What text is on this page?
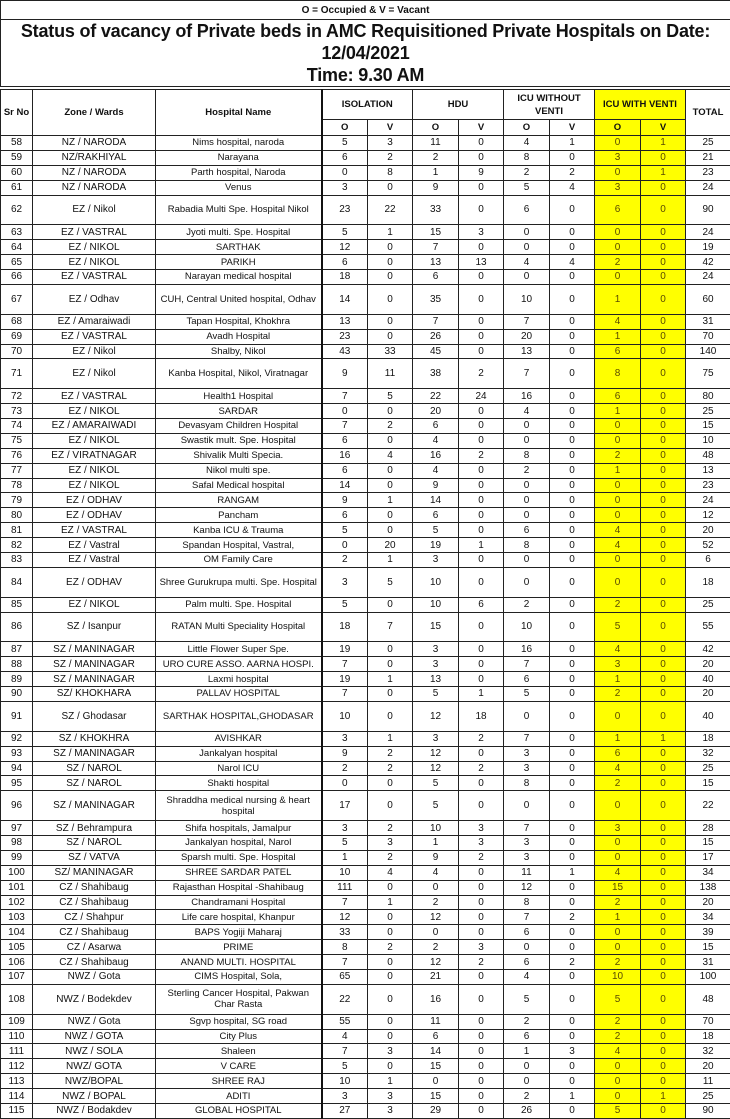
O = Occupied & V = Vacant											

Status of vacancy of Private beds in AMC Requisitioned Private Hospitals on Date: 12/04/2021
Time: 9.30 AM											

Sr No	Zone / Wards	Hospital Name	ISOLATION		HDU		ICU WITHOUT VENTI		ICU WITH VENTI		TOTAL
			O	V	O	V	O	V	O	V	
58	NZ / NARODA	Nims hospital, naroda	5	3	11	0	4	1	0	1	25
59	NZ/RAKHIYAL	Narayana	6	2	2	0	8	0	3	0	21
60	NZ / NARODA	Parth hospital, Naroda	0	8	1	9	2	2	0	1	23
61	NZ / NARODA	Venus	3	0	9	0	5	4	3	0	24
62	EZ / Nikol	Rabadia Multi Spe. Hospital Nikol	23	22	33	0	6	0	6	0	90
63	EZ / VASTRAL	Jyoti multi. Spe. Hospital	5	1	15	3	0	0	0	0	24
64	EZ / NIKOL	SARTHAK	12	0	7	0	0	0	0	0	19
65	EZ / NIKOL	PARIKH	6	0	13	13	4	4	2	0	42
66	EZ / VASTRAL	Narayan medical hospital	18	0	6	0	0	0	0	0	24
67	EZ / Odhav	CUH, Central United hospital, Odhav	14	0	35	0	10	0	1	0	60
68	EZ / Amaraiwadi	Tapan Hospital, Khokhra	13	0	7	0	7	0	4	0	31
69	EZ / VASTRAL	Avadh Hospital	23	0	26	0	20	0	1	0	70
70	EZ / Nikol	Shalby, Nikol	43	33	45	0	13	0	6	0	140
71	EZ / Nikol	Kanba Hospital, Nikol, Viratnagar	9	11	38	2	7	0	8	0	75
72	EZ / VASTRAL	Health1 Hospital	7	5	22	24	16	0	6	0	80
73	EZ / NIKOL	SARDAR	0	0	20	0	4	0	1	0	25
74	EZ / AMARAIWADI	Devasyam Children Hospital	7	2	6	0	0	0	0	0	15
75	EZ / NIKOL	Swastik mult. Spe. Hospital	6	0	4	0	0	0	0	0	10
76	EZ / VIRATNAGAR	Shivalik Multi Specia.	16	4	16	2	8	0	2	0	48
77	EZ / NIKOL	Nikol multi spe.	6	0	4	0	2	0	1	0	13
78	EZ / NIKOL	Safal Medical hospital	14	0	9	0	0	0	0	0	23
79	EZ / ODHAV	RANGAM	9	1	14	0	0	0	0	0	24
80	EZ / ODHAV	Pancham	6	0	6	0	0	0	0	0	12
81	EZ / VASTRAL	Kanba ICU & Trauma	5	0	5	0	6	0	4	0	20
82	EZ / Vastral	Spandan Hospital, Vastral,	0	20	19	1	8	0	4	0	52
83	EZ / Vastral	OM Family Care	2	1	3	0	0	0	0	0	6
84	EZ / ODHAV	Shree Gurukrupa multi. Spe. Hospital	3	5	10	0	0	0	0	0	18
85	EZ / NIKOL	Palm multi. Spe. Hospital	5	0	10	6	2	0	2	0	25
86	SZ / Isanpur	RATAN Multi Speciality Hospital	18	7	15	0	10	0	5	0	55
87	SZ / MANINAGAR	Little Flower Super Spe.	19	0	3	0	16	0	4	0	42
88	SZ / MANINAGAR	URO CURE ASSO. AARNA HOSPI.	7	0	3	0	7	0	3	0	20
89	SZ / MANINAGAR	Laxmi hospital	19	1	13	0	6	0	1	0	40
90	SZ/ KHOKHARA	PALLAV HOSPITAL	7	0	5	1	5	0	2	0	20
91	SZ / Ghodasar	SARTHAK HOSPITAL,GHODASAR	10	0	12	18	0	0	0	0	40
92	SZ / KHOKHRA	AVISHKAR	3	1	3	2	7	0	1	1	18
93	SZ / MANINAGAR	Jankalyan hospital	9	2	12	0	3	0	6	0	32
94	SZ / NAROL	Narol ICU	2	2	12	2	3	0	4	0	25
95	SZ / NAROL	Shakti hospital	0	0	5	0	8	0	2	0	15
96	SZ / MANINAGAR	Shraddha medical nursing & heart hospital	17	0	5	0	0	0	0	0	22
97	SZ / Behrampura	Shifa hospitals, Jamalpur	3	2	10	3	7	0	3	0	28
98	SZ / NAROL	Jankalyan hospital, Narol	5	3	1	3	3	0	0	0	15
99	SZ / VATVA	Sparsh multi. Spe. Hospital	1	2	9	2	3	0	0	0	17
100	SZ/ MANINAGAR	SHREE SARDAR PATEL	10	4	4	0	11	1	4	0	34
101	CZ / Shahibaug	Rajasthan Hospital -Shahibaug	111	0	0	0	12	0	15	0	138
102	CZ / Shahibaug	Chandramani Hospital	7	1	2	0	8	0	2	0	20
103	CZ / Shahpur	Life care hospital, Khanpur	12	0	12	0	7	2	1	0	34
104	CZ / Shahibaug	BAPS Yogiji Maharaj	33	0	0	0	6	0	0	0	39
105	CZ / Asarwa	PRIME	8	2	2	3	0	0	0	0	15
106	CZ / Shahibaug	ANAND MULTI. HOSPITAL	7	0	12	2	6	2	2	0	31
107	NWZ / Gota	CIMS Hospital, Sola,	65	0	21	0	4	0	10	0	100
108	NWZ / Bodekdev	Sterling Cancer Hospital, Pakwan Char Rasta	22	0	16	0	5	0	5	0	48
109	NWZ / Gota	Sgvp hospital, SG road	55	0	11	0	2	0	2	0	70
110	NWZ / GOTA	City Plus	4	0	6	0	6	0	2	0	18
111	NWZ / SOLA	Shaleen	7	3	14	0	1	3	4	0	32
112	NWZ/ GOTA	V CARE	5	0	15	0	0	0	0	0	20
113	NWZ/BOPAL	SHREE RAJ	10	1	0	0	0	0	0	0	11
114	NWZ / BOPAL	ADITI	3	3	15	0	2	1	0	1	25
115	NWZ / Bodakdev	GLOBAL HOSPITAL	27	3	29	0	26	0	5	0	90
